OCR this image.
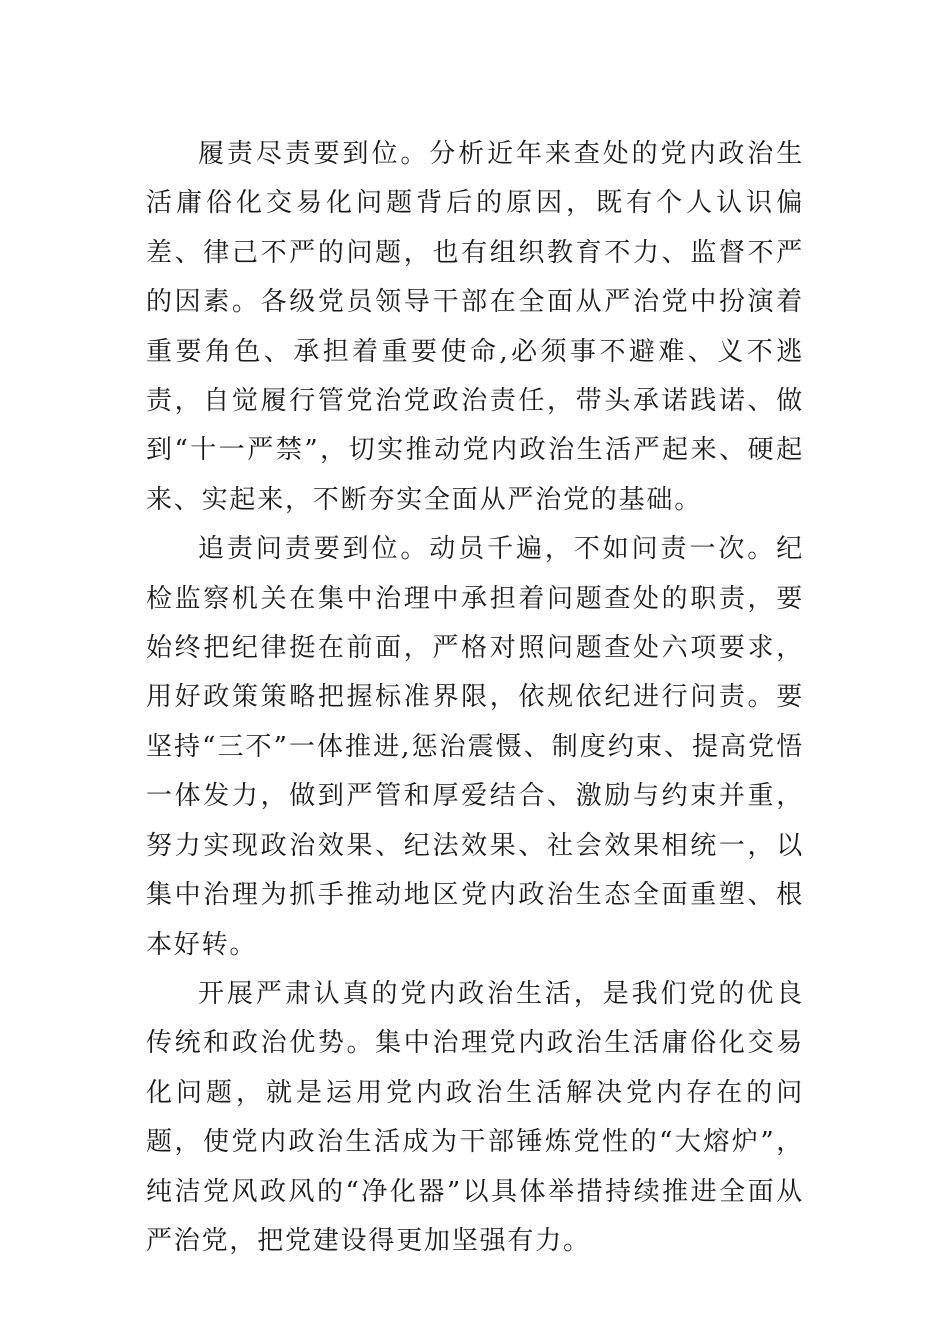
履责尽责要到位。分析近年来查处的党内政治生活庸俗化交易化问题背后的原因，既有个人认识偏差、律己不严的问题，也有组织教育不力、监督不严的因素。各级党员领导干部在全面从严治党中扮演着重要角色、承担着重要使命,必须事不避难、义不逃责，自觉履行管党治党政治责任，带头承诺践诺、做到“十一严禁”，切实推动党内政治生活严起来、硬起来、实起来，不断夯实全面从严治党的基础。

追责问责要到位。动员千遍，不如问责一次。纪检监察机关在集中治理中承担着问题查处的职责，要始终把纪律挺在前面，严格对照问题查处六项要求，用好政策策略把握标准界限，依规依纪进行问责。要坚持“三不”一体推进,惩治震慑、制度约束、提高党悟一体发力，做到严管和厚爱结合、激励与约束并重，努力实现政治效果、纪法效果、社会效果相统一，以集中治理为抓手推动地区党内政治生态全面重塑、根本好转。

开展严肃认真的党内政治生活，是我们党的优良传统和政治优势。集中治理党内政治生活庸俗化交易化问题，就是运用党内政治生活解决党内存在的问题，使党内政治生活成为干部锤炼党性的“大熔炉”，纯洁党风政风的“净化器”以具体举措持续推进全面从严治党，把党建设得更加坚强有力。
